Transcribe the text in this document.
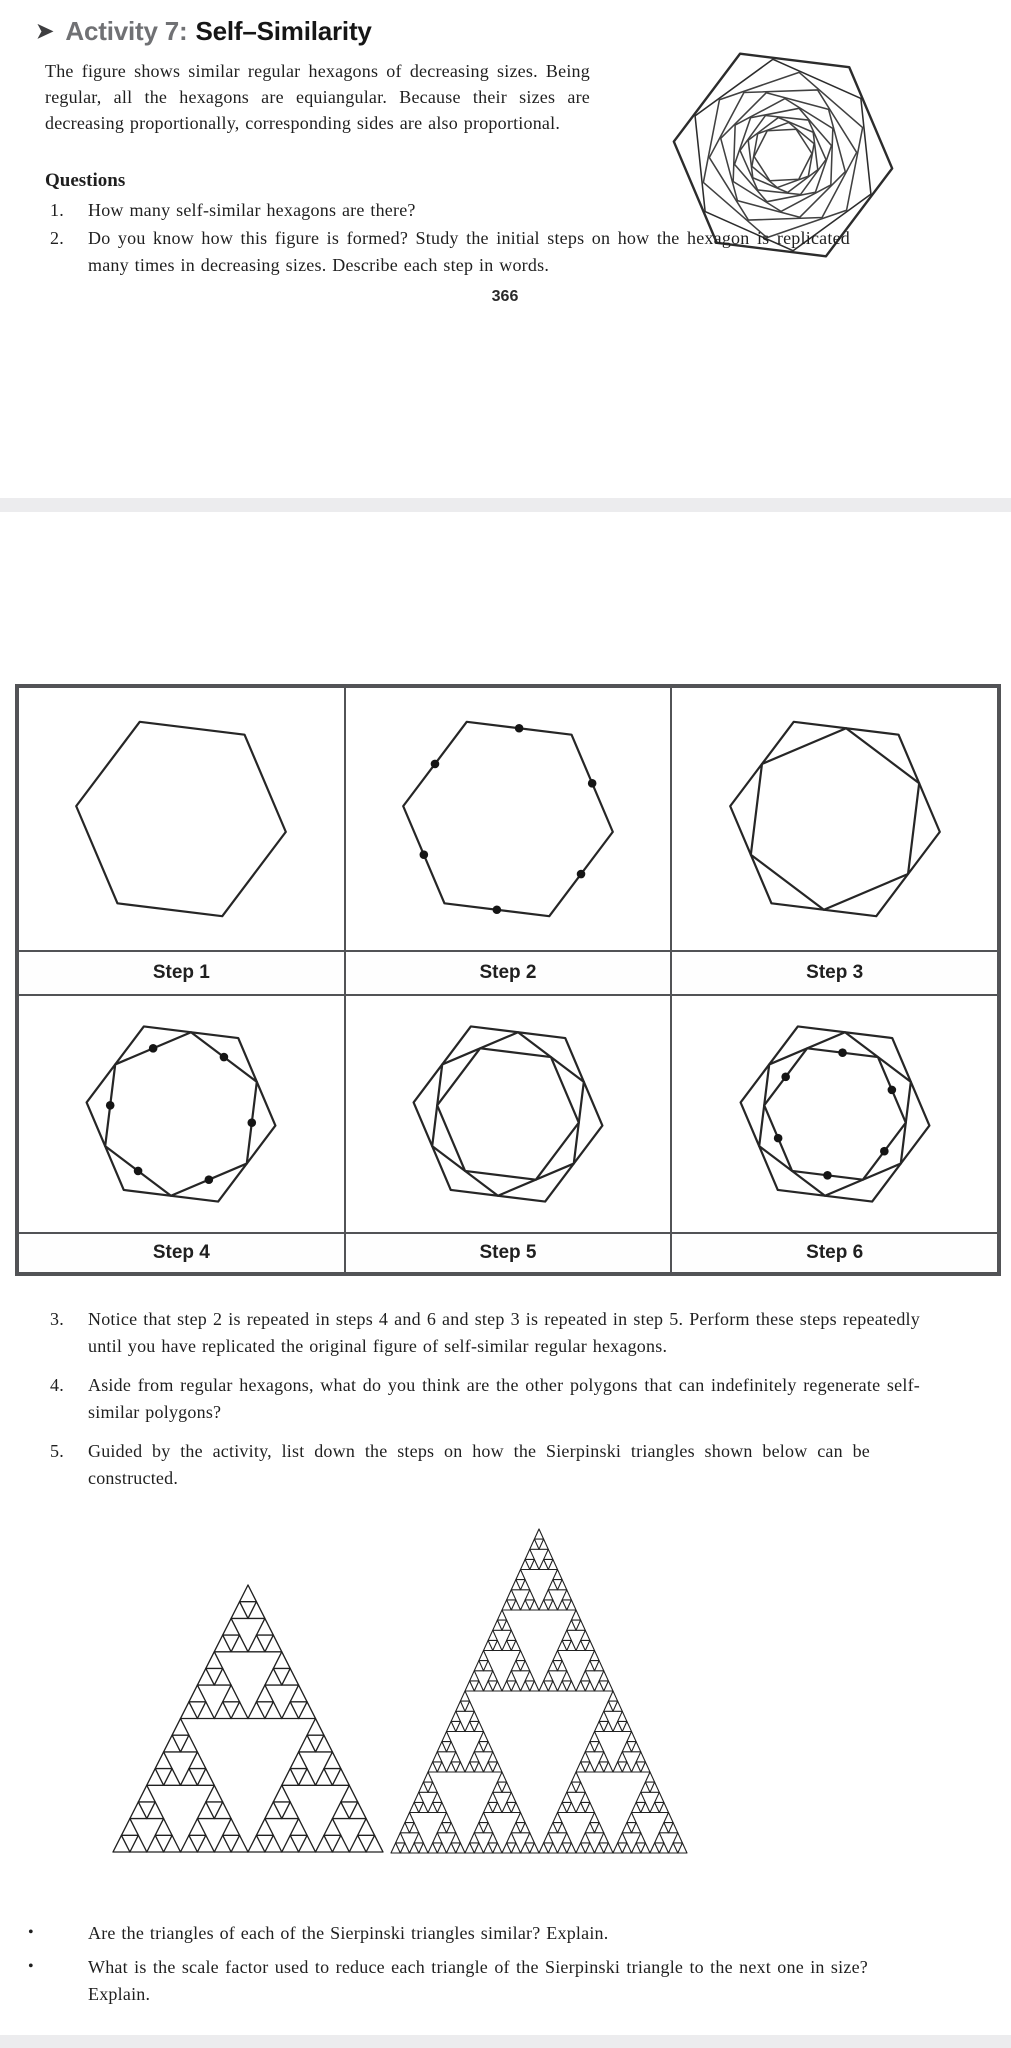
➤ Activity 7: Self–Similarity
The figure shows similar regular hexagons of decreasing sizes. Being regular, all the hexagons are equiangular. Because their sizes are decreasing proportionally, corresponding sides are also proportional.
Questions
1.	How many self-similar hexagons are there?
2.	Do you know how this figure is formed? Study the initial steps on how the hexagon is replicated many times in decreasing sizes. Describe each step in words.
366
Step 1	Step 2	Step 3
Step 4	Step 5	Step 6
3.	Notice that step 2 is repeated in steps 4 and 6 and step 3 is repeated in step 5. Perform these steps repeatedly until you have replicated the original figure of self-similar regular hexagons.
4.	Aside from regular hexagons, what do you think are the other polygons that can indefinitely regenerate self-similar polygons?
5.	Guided by the activity, list down the steps on how the Sierpinski triangles shown below can be constructed.
•	Are the triangles of each of the Sierpinski triangles similar? Explain.
•	What is the scale factor used to reduce each triangle of the Sierpinski triangle to the next one in size? Explain.
